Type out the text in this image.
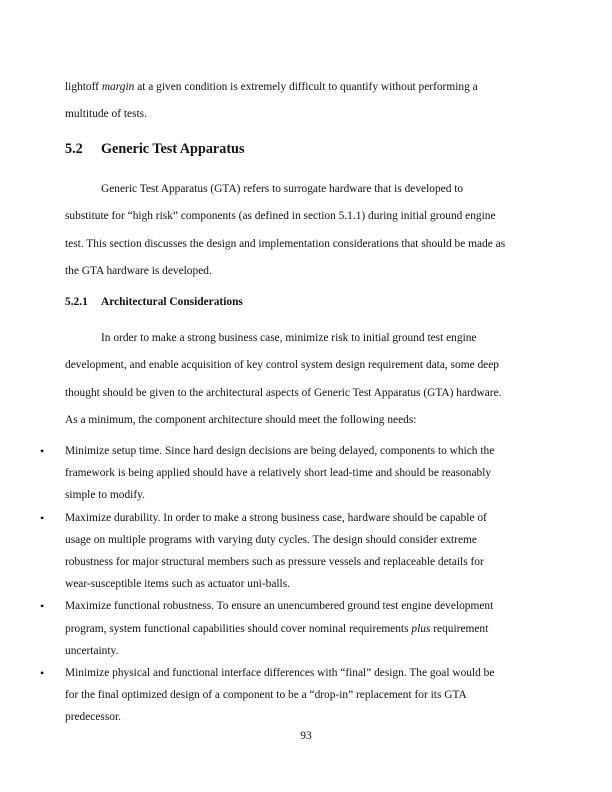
lightoff margin at a given condition is extremely difficult to quantify without performing a
multitude of tests.

5.2 Generic Test Apparatus

Generic Test Apparatus (GTA) refers to surrogate hardware that is developed to
substitute for “high risk” components (as defined in section 5.1.1) during initial ground engine
test. This section discusses the design and implementation considerations that should be made as
the GTA hardware is developed.

5.2.1 Architectural Considerations

In order to make a strong business case, minimize risk to initial ground test engine
development, and enable acquisition of key control system design requirement data, some deep
thought should be given to the architectural aspects of Generic Test Apparatus (GTA) hardware.
As a minimum, the component architecture should meet the following needs:

•	Minimize setup time. Since hard design decisions are being delayed, components to which the
framework is being applied should have a relatively short lead-time and should be reasonably
simple to modify.
•	Maximize durability. In order to make a strong business case, hardware should be capable of
usage on multiple programs with varying duty cycles. The design should consider extreme
robustness for major structural members such as pressure vessels and replaceable details for
wear-susceptible items such as actuator uni-balls.
•	Maximize functional robustness. To ensure an unencumbered ground test engine development
program, system functional capabilities should cover nominal requirements plus requirement
uncertainty.
•	Minimize physical and functional interface differences with “final” design. The goal would be
for the final optimized design of a component to be a “drop-in” replacement for its GTA
predecessor.
93
